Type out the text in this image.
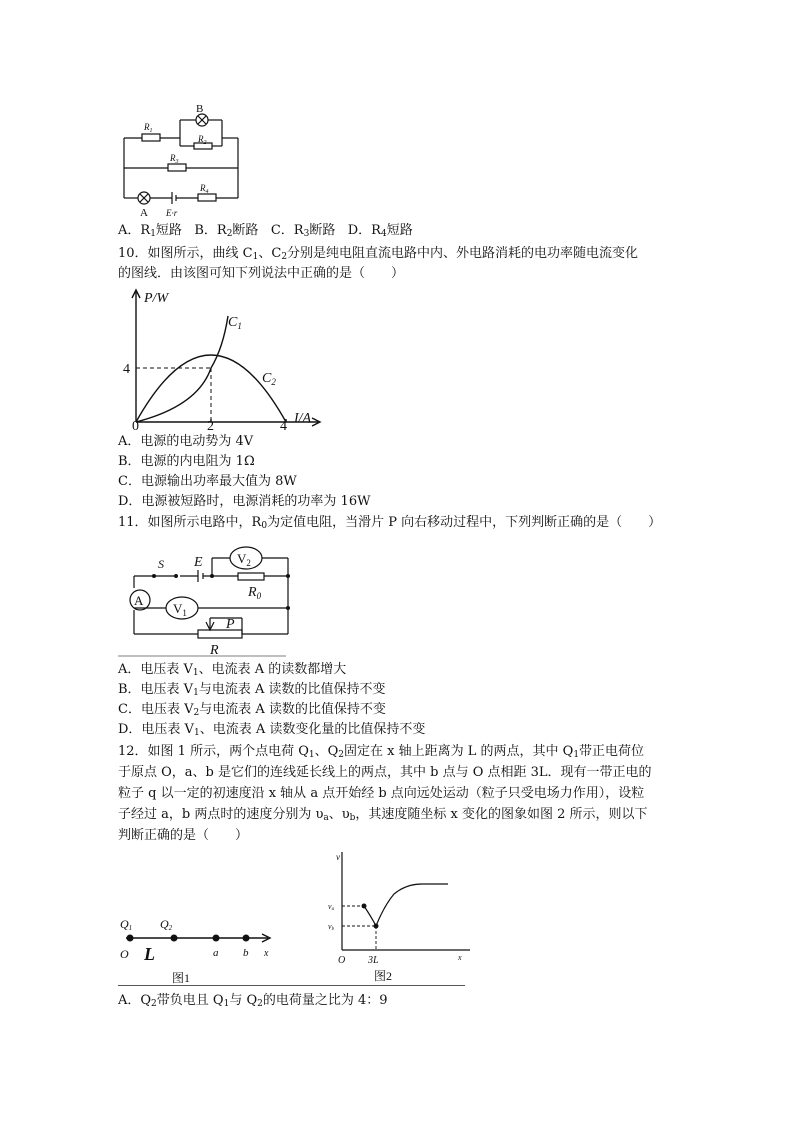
$R_1$
B
$R_2$
$R_3$
$R_4$
A E·r
A．$R_1$短路 B．$R_2$断路 C．$R_3$断路 D．$R_4$短路
10．如图所示，曲线 $C_1$、$C_2$分别是纯电阻直流电路中内、外电路消耗的电功率随电流变化
的图线．由该图可知下列说法中正确的是（　　）
P/W
I/A
$C_1$
$C_2$
4
0	2	4
A．电源的电动势为 4V
B．电源的内电阻为 1Ω
C．电源输出功率最大值为 8W
D．电源被短路时，电源消耗的功率为 16W
11．如图所示电路中，$R_0$为定值电阻，当滑片 P 向右移动过程中，下列判断正确的是（　　）
S E	$V_2$
$R_0$
A
$V_1$
P
R
A．电压表 $V_1$、电流表 A 的读数都增大
B．电压表 $V_1$与电流表 A 读数的比值保持不变
C．电压表 $V_2$与电流表 A 读数的比值保持不变
D．电压表 $V_1$、电流表 A 读数变化量的比值保持不变
12．如图 1 所示，两个点电荷 $Q_1$、$Q_2$固定在 x 轴上距离为 L 的两点，其中 $Q_1$带正电荷位
于原点 O，a、b 是它们的连线延长线上的两点，其中 b 点与 O 点相距 3L．现有一带正电的
粒子 q 以一定的初速度沿 x 轴从 a 点开始经 b 点向远处运动（粒子只受电场力作用），设粒
子经过 a，b 两点时的速度分别为 $\upsilon_a$、$\upsilon_b$，其速度随坐标 x 变化的图象如图 2 所示，则以下
判断正确的是（　　）
Q1 Q2
O L	a b x
图1
v
va
vb
O 3L	x
图2
A．$Q_2$带负电且 $Q_1$与 $Q_2$的电荷量之比为 4：9
